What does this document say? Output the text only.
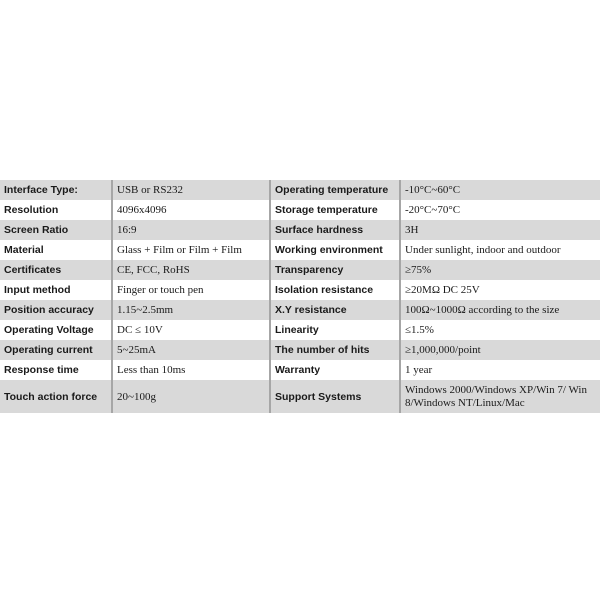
Interface Type:	USB or RS232	Operating temperature	-10°C~60°C
Resolution	4096x4096	Storage temperature	-20°C~70°C
Screen Ratio	16:9	Surface hardness	3H
Material	Glass + Film or Film + Film	Working environment	Under sunlight, indoor and outdoor
Certificates	CE, FCC, RoHS	Transparency	≥75%
Input method	Finger or touch pen	Isolation resistance	≥20MΩ DC 25V
Position accuracy	1.15~2.5mm	X.Y resistance	100Ω~1000Ω according to the size
Operating Voltage	DC ≤ 10V	Linearity	≤1.5%
Operating current	5~25mA	The number of hits	≥1,000,000/point
Response time	Less than 10ms	Warranty	1 year
Touch action force	20~100g	Support Systems	Windows 2000/Windows XP/Win 7/ Win 8/Windows NT/Linux/Mac
